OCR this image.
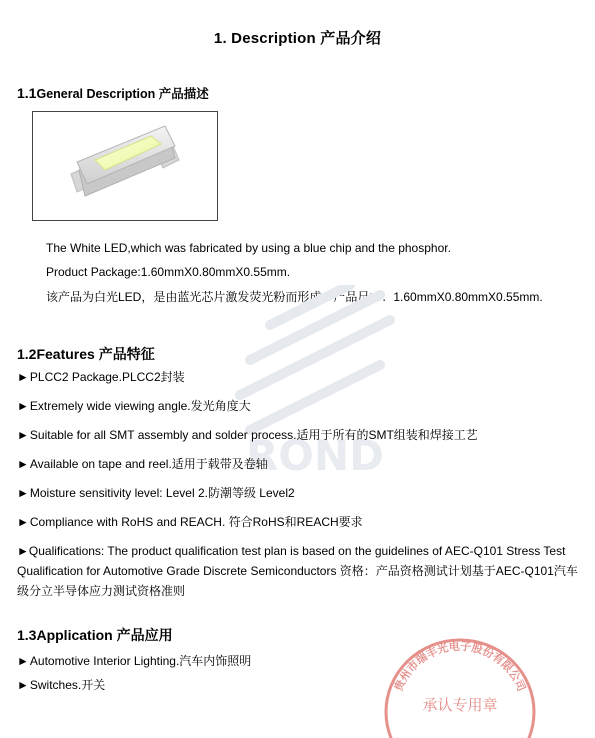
1. Description 产品介绍
1.1General Description 产品描述
The White LED,which was fabricated by using a blue chip and the phosphor.
Product Package:1.60mmX0.80mmX0.55mm.
该产品为白光LED，是由蓝光芯片激发荧光粉而形成，产品尺寸：1.60mmX0.80mmX0.55mm.
ROND
1.2Features 产品特征
►PLCC2 Package.PLCC2封装
►Extremely wide viewing angle.发光角度大
►Suitable for all SMT assembly and solder process.适用于所有的SMT组装和焊接工艺
►Available on tape and reel.适用于载带及卷轴
►Moisture sensitivity level: Level 2.防潮等级 Level2
►Compliance with RoHS and REACH. 符合RoHS和REACH要求
►Qualifications: The product qualification test plan is based on the guidelines of AEC-Q101 Stress Test Qualification for Automotive Grade Discrete Semiconductors 资格：产品资格测试计划基于AEC-Q101汽车级分立半导体应力测试资格准则
1.3Application 产品应用
►Automotive Interior Lighting.汽车内饰照明
►Switches.开关	贵州市瑞丰光电子股份有限公司
承认专用章
